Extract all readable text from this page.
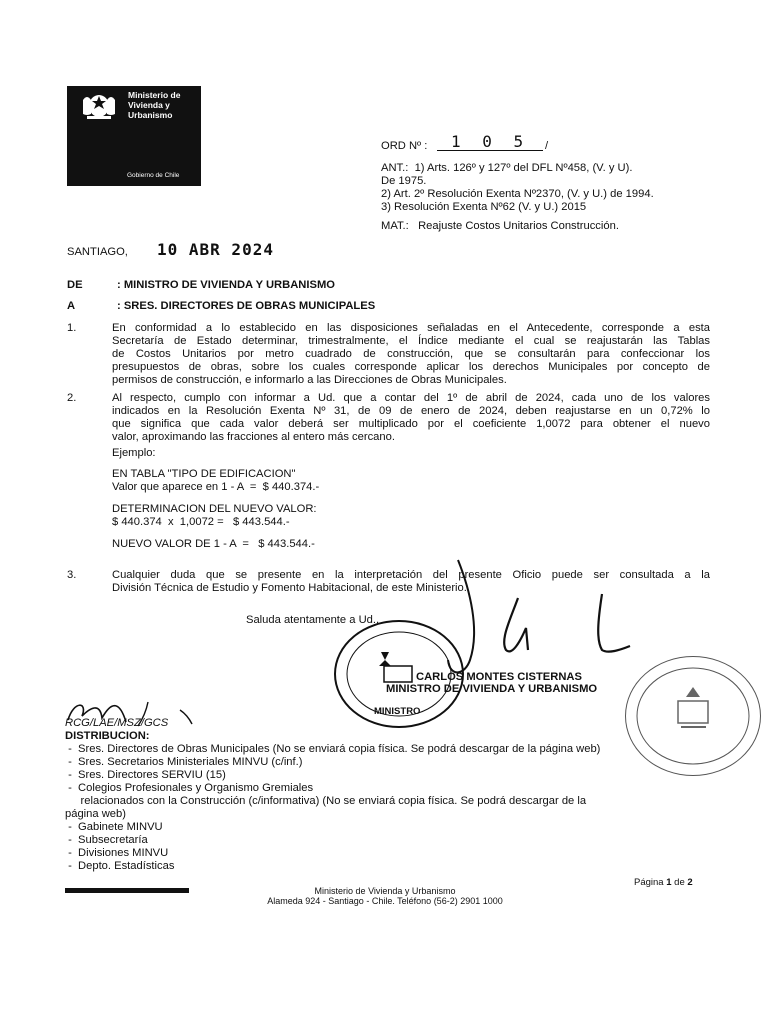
Ministerio de
Vivienda y
Urbanismo
Gobierno de Chile
ORD Nº : 1 0 5 /
ANT.:  1) Arts. 126º y 127º del DFL Nº458, (V. y U).
De 1975.
2) Art. 2º Resolución Exenta Nº2370, (V. y U.) de 1994.
3) Resolución Exenta Nº62 (V. y U.) 2015
MAT.:   Reajuste Costos Unitarios Construcción.
SANTIAGO, 10 ABR 2024
DE	: MINISTRO DE VIVIENDA Y URBANISMO
A	: SRES. DIRECTORES DE OBRAS MUNICIPALES
1.	En conformidad a lo establecido en las disposiciones señaladas en el Antecedente, corresponde a esta
Secretaría de Estado determinar, trimestralmente, el Índice mediante el cual se reajustarán las Tablas
de Costos Unitarios por metro cuadrado de construcción, que se consultarán para confeccionar los
presupuestos de obras, sobre los cuales corresponde aplicar los derechos Municipales por concepto de
permisos de construcción, e informarlo a las Direcciones de Obras Municipales.
2.	Al respecto, cumplo con informar a Ud. que a contar del 1º de abril de 2024, cada uno de los valores
indicados en la Resolución Exenta Nº 31, de 09 de enero de 2024, deben reajustarse en un 0,72% lo
que significa que cada valor deberá ser multiplicado por el coeficiente 1,0072 para obtener el nuevo
valor, aproximando las fracciones al entero más cercano.
Ejemplo:
EN TABLA "TIPO DE EDIFICACION"
Valor que aparece en 1 - A  =  $ 440.374.-
DETERMINACION DEL NUEVO VALOR:
$ 440.374  x  1,0072 =   $ 443.544.-
NUEVO VALOR DE 1 - A  =   $ 443.544.-
3.	Cualquier duda que se presente en la interpretación del presente Oficio puede ser consultada a la
División Técnica de Estudio y Fomento Habitacional, de este Ministerio.
Saluda atentamente a Ud.,
MINISTRO
CARLOS MONTES CISTERNAS
MINISTRO DE VIVIENDA Y URBANISMO
RCG/LAE/MSZ/GCS
DISTRIBUCION:
-  Sres. Directores de Obras Municipales (No se enviará copia física. Se podrá descargar de la página web)
-  Sres. Secretarios Ministeriales MINVU (c/inf.)
-  Sres. Directores SERVIU (15)
-  Colegios Profesionales y Organismo Gremiales
relacionados con la Construcción (c/informativa) (No se enviará copia física. Se podrá descargar de la
página web)
-  Gabinete MINVU
-  Subsecretaría
-  Divisiones MINVU
-  Depto. Estadísticas
Página 1 de 2
Ministerio de Vivienda y Urbanismo
Alameda 924 - Santiago - Chile. Teléfono (56-2) 2901 1000
